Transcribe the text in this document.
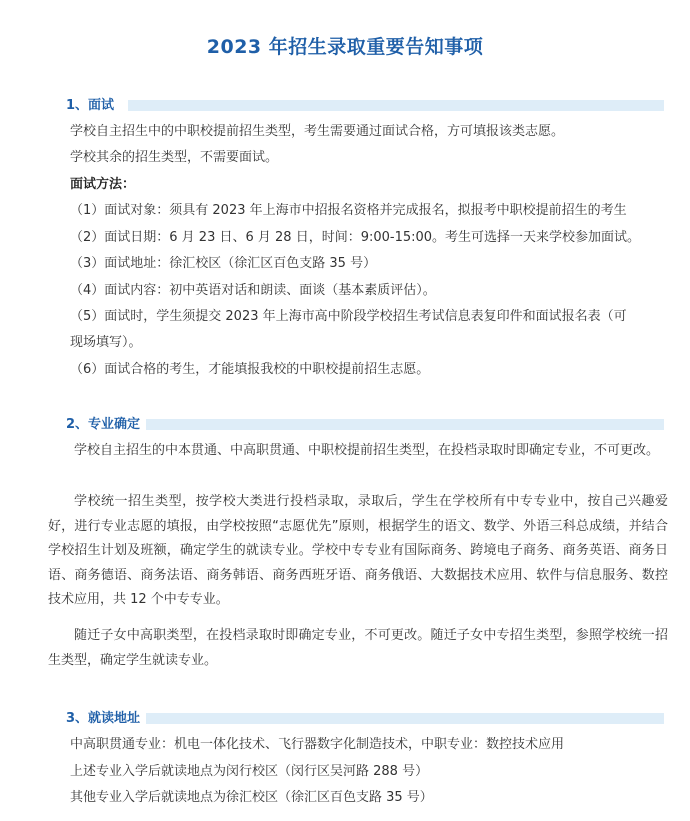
2023 年招生录取重要告知事项
1、面试
学校自主招生中的中职校提前招生类型，考生需要通过面试合格，方可填报该类志愿。
学校其余的招生类型，不需要面试。
面试方法：
（1）面试对象：须具有 2023 年上海市中招报名资格并完成报名，拟报考中职校提前招生的考生
（2）面试日期：6 月 23 日、6 月 28 日，时间：9:00-15:00。考生可选择一天来学校参加面试。
（3）面试地址：徐汇校区（徐汇区百色支路 35 号）
（4）面试内容：初中英语对话和朗读、面谈（基本素质评估）。
（5）面试时，学生须提交 2023 年上海市高中阶段学校招生考试信息表复印件和面试报名表（可
现场填写）。
（6）面试合格的考生，才能填报我校的中职校提前招生志愿。
2、专业确定
学校自主招生的中本贯通、中高职贯通、中职校提前招生类型，在投档录取时即确定专业，不可更改。
学校统一招生类型，按学校大类进行投档录取，录取后，学生在学校所有中专专业中，按自己兴趣爱好，进行专业志愿的填报，由学校按照“志愿优先”原则，根据学生的语文、数学、外语三科总成绩，并结合学校招生计划及班额，确定学生的就读专业。学校中专专业有国际商务、跨境电子商务、商务英语、商务日语、商务德语、商务法语、商务韩语、商务西班牙语、商务俄语、大数据技术应用、软件与信息服务、数控技术应用，共 12 个中专专业。
随迁子女中高职类型，在投档录取时即确定专业，不可更改。随迁子女中专招生类型，参照学校统一招生类型，确定学生就读专业。
3、就读地址
中高职贯通专业：机电一体化技术、飞行器数字化制造技术，中职专业：数控技术应用
上述专业入学后就读地点为闵行校区（闵行区吴河路 288 号）
其他专业入学后就读地点为徐汇校区（徐汇区百色支路 35 号）
